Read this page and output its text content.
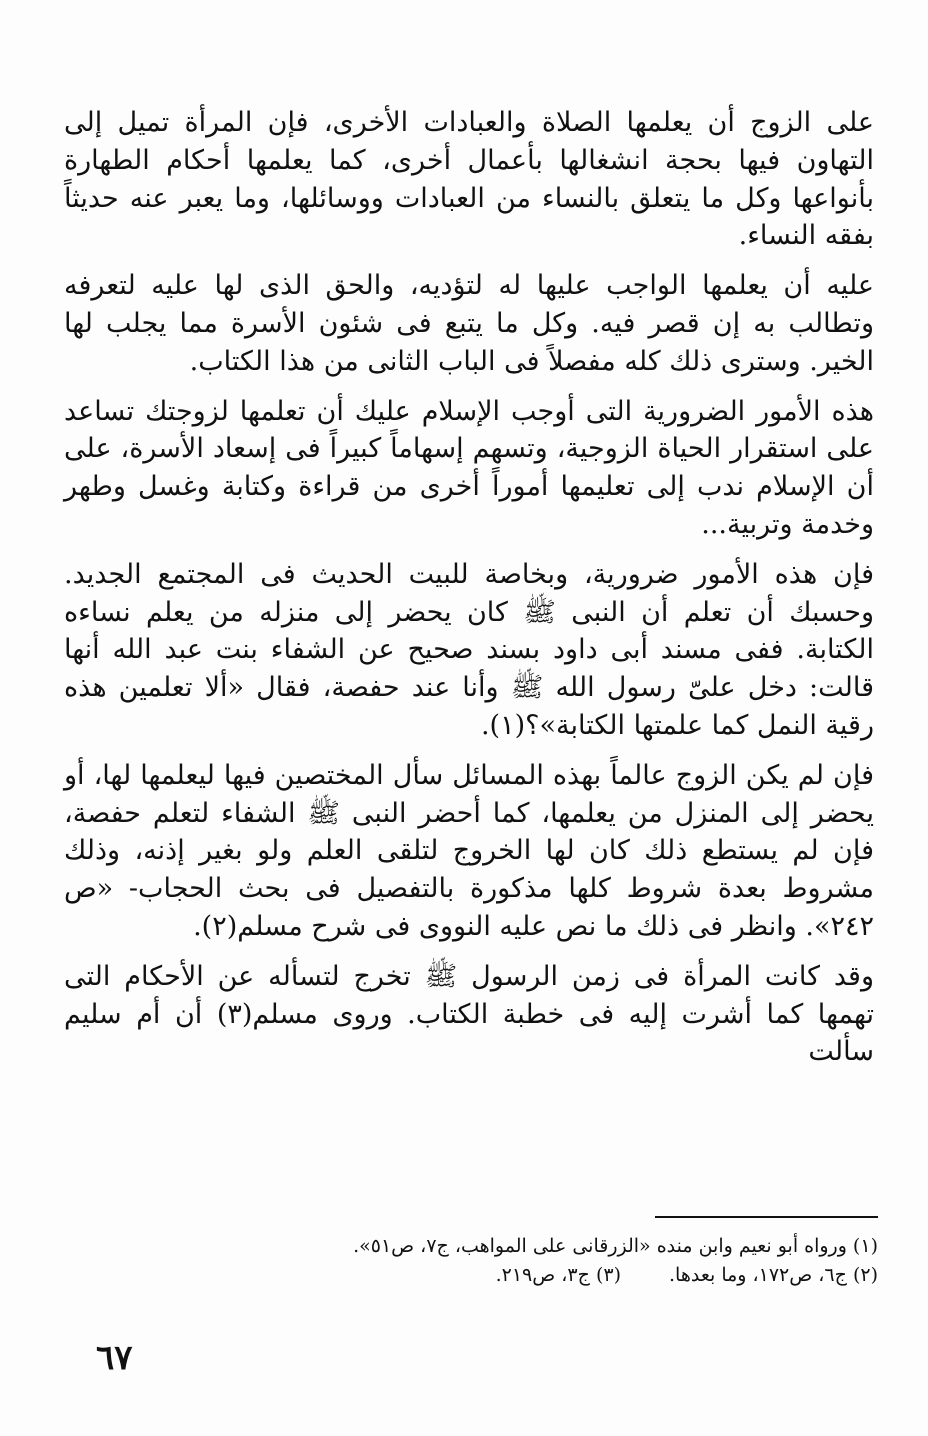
على الزوج أن يعلمها الصلاة والعبادات الأخرى، فإن المرأة تميل إلى التهاون فيها بحجة انشغالها بأعمال أخرى، كما يعلمها أحكام الطهارة بأنواعها وكل ما يتعلق بالنساء من العبادات ووسائلها، وما يعبر عنه حديثاً بفقه النساء.

عليه أن يعلمها الواجب عليها له لتؤديه، والحق الذى لها عليه لتعرفه وتطالب به إن قصر فيه. وكل ما يتبع فى شئون الأسرة مما يجلب لها الخير. وسترى ذلك كله مفصلاً فى الباب الثانى من هذا الكتاب.

هذه الأمور الضرورية التى أوجب الإسلام عليك أن تعلمها لزوجتك تساعد على استقرار الحياة الزوجية، وتسهم إسهاماً كبيراً فى إسعاد الأسرة، على أن الإسلام ندب إلى تعليمها أموراً أخرى من قراءة وكتابة وغسل وطهر وخدمة وتربية...

فإن هذه الأمور ضرورية، وبخاصة للبيت الحديث فى المجتمع الجديد. وحسبك أن تعلم أن النبى ﷺ كان يحضر إلى منزله من يعلم نساءه الكتابة. ففى مسند أبى داود بسند صحيح عن الشفاء بنت عبد الله أنها قالت: دخل علىّ رسول الله ﷺ وأنا عند حفصة، فقال «ألا تعلمين هذه رقية النمل كما علمتها الكتابة»؟(١).

فإن لم يكن الزوج عالماً بهذه المسائل سأل المختصين فيها ليعلمها لها، أو يحضر إلى المنزل من يعلمها، كما أحضر النبى ﷺ الشفاء لتعلم حفصة، فإن لم يستطع ذلك كان لها الخروج لتلقى العلم ولو بغير إذنه، وذلك مشروط بعدة شروط كلها مذكورة بالتفصيل فى بحث الحجاب- «ص ٢٤٢». وانظر فى ذلك ما نص عليه النووى فى شرح مسلم(٢).

وقد كانت المرأة فى زمن الرسول ﷺ تخرج لتسأله عن الأحكام التى تهمها كما أشرت إليه فى خطبة الكتاب. وروى مسلم(٣) أن أم سليم سألت

(١) ورواه أبو نعيم وابن منده «الزرقانى على المواهب، ج٧، ص٥١».

(٢) ج٦، ص١٧٢، وما بعدها.
(٣) ج٣، ص٢١٩.
٦٧
